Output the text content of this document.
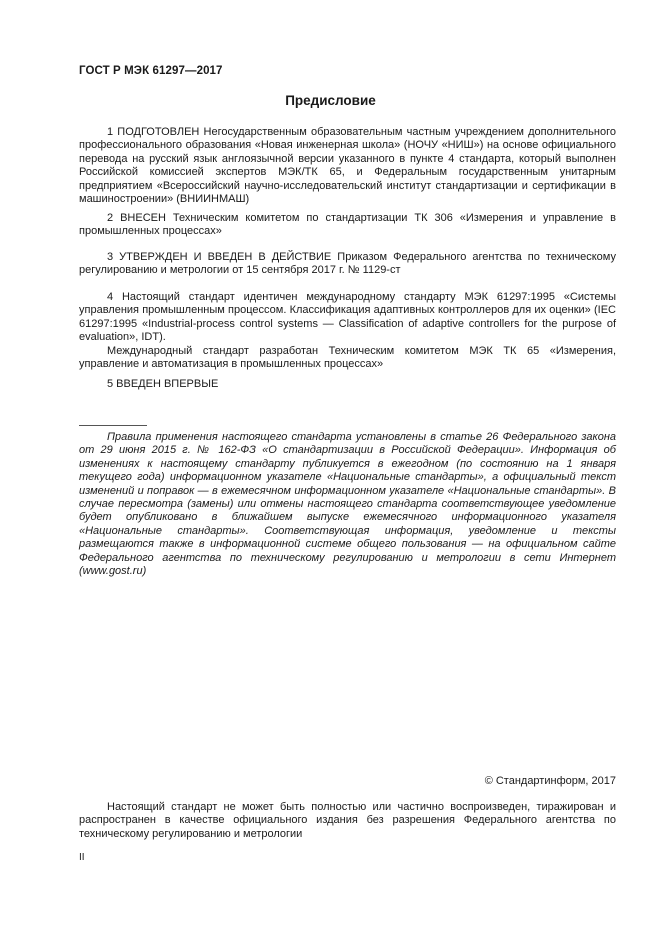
ГОСТ Р МЭК 61297—2017
Предисловие

1 ПОДГОТОВЛЕН Негосударственным образовательным частным учреждением дополнительного профессионального образования «Новая инженерная школа» (НОЧУ «НИШ») на основе официального перевода на русский язык англоязычной версии указанного в пункте 4 стандарта, который выполнен Российской комиссией экспертов МЭК/ТК 65, и Федеральным государственным унитарным предприятием «Всероссийский научно-исследовательский институт стандартизации и сертификации в машиностроении» (ВНИИНМАШ)

2 ВНЕСЕН Техническим комитетом по стандартизации ТК 306 «Измерения и управление в промышленных процессах»

3 УТВЕРЖДЕН И ВВЕДЕН В ДЕЙСТВИЕ Приказом Федерального агентства по техническому регулированию и метрологии от 15 сентября 2017 г. № 1129-ст

4 Настоящий стандарт идентичен международному стандарту МЭК 61297:1995 «Системы управления промышленным процессом. Классификация адаптивных контроллеров для их оценки» (IEC 61297:1995 «Industrial-process control systems — Classification of adaptive controllers for the purpose of evaluation», IDT).

Международный стандарт разработан Техническим комитетом МЭК ТК 65 «Измерения, управление и автоматизация в промышленных процессах»

5 ВВЕДЕН ВПЕРВЫЕ

Правила применения настоящего стандарта установлены в статье 26 Федерального закона от 29 июня 2015 г. № 162-ФЗ «О стандартизации в Российской Федерации». Информация об изменениях к настоящему стандарту публикуется в ежегодном (по состоянию на 1 января текущего года) информационном указателе «Национальные стандарты», а официальный текст изменений и поправок — в ежемесячном информационном указателе «Национальные стандарты». В случае пересмотра (замены) или отмены настоящего стандарта соответствующее уведомление будет опубликовано в ближайшем выпуске ежемесячного информационного указателя «Национальные стандарты». Соответствующая информация, уведомление и тексты размещаются также в информационной системе общего пользования — на официальном сайте Федерального агентства по техническому регулированию и метрологии в сети Интернет (www.gost.ru)

© Стандартинформ, 2017

Настоящий стандарт не может быть полностью или частично воспроизведен, тиражирован и распространен в качестве официального издания без разрешения Федерального агентства по техническому регулированию и метрологии

II
